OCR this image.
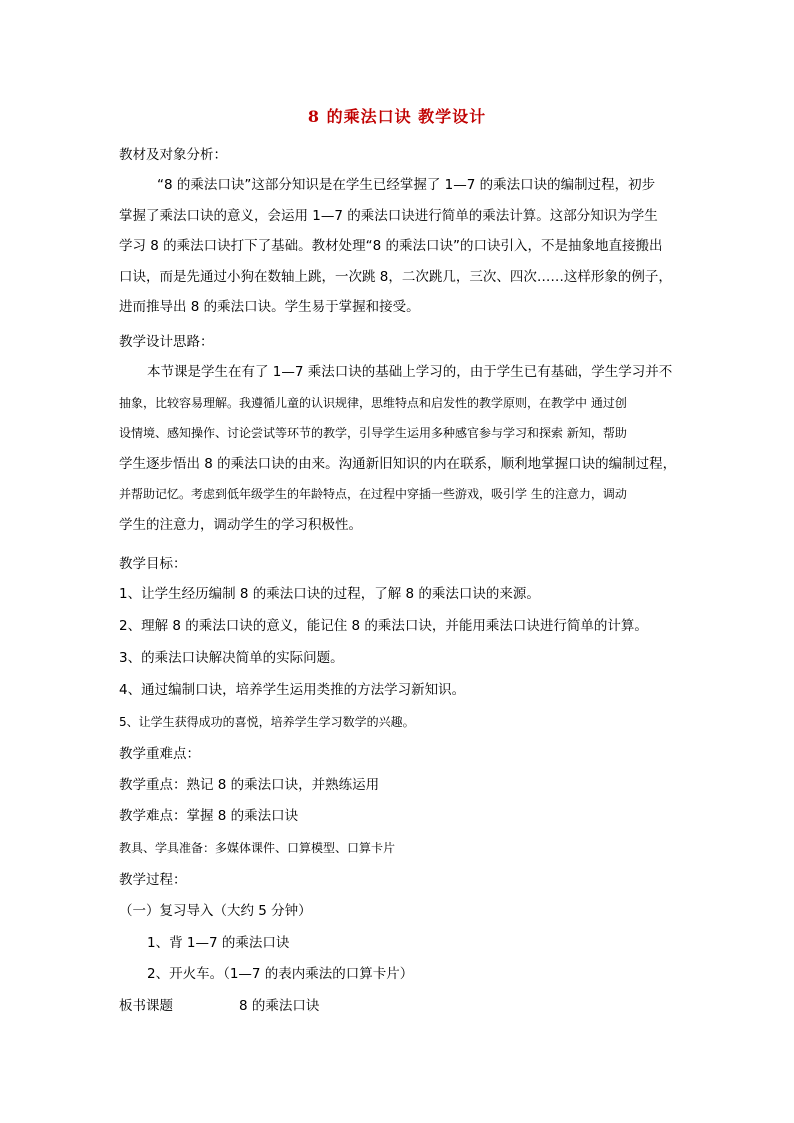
8 的乘法口诀 教学设计
教材及对象分析：
“8 的乘法口诀”这部分知识是在学生已经掌握了 1—7 的乘法口诀的编制过程，初步
掌握了乘法口诀的意义，会运用 1—7 的乘法口诀进行简单的乘法计算。这部分知识为学生
学习 8 的乘法口诀打下了基础。教材处理“8 的乘法口诀”的口诀引入，不是抽象地直接搬出
口诀，而是先通过小狗在数轴上跳，一次跳 8，二次跳几，三次、四次……这样形象的例子，
进而推导出 8 的乘法口诀。学生易于掌握和接受。
教学设计思路：
本节课是学生在有了 1—7 乘法口诀的基础上学习的，由于学生已有基础，学生学习并不
抽象，比较容易理解。我遵循儿童的认识规律，思维特点和启发性的教学原则，在教学中 通过创
设情境、感知操作、讨论尝试等环节的教学，引导学生运用多种感官参与学习和探索 新知，帮助
学生逐步悟出 8 的乘法口诀的由来。沟通新旧知识的内在联系，顺利地掌握口诀的编制过程，
并帮助记忆。考虑到低年级学生的年龄特点，在过程中穿插一些游戏，吸引学 生的注意力，调动
学生的注意力，调动学生的学习积极性。
教学目标：
1、让学生经历编制 8 的乘法口诀的过程，了解 8 的乘法口诀的来源。
2、理解 8 的乘法口诀的意义，能记住 8 的乘法口诀，并能用乘法口诀进行简单的计算。
3、的乘法口诀解决简单的实际问题。
4、通过编制口诀，培养学生运用类推的方法学习新知识。
5、让学生获得成功的喜悦，培养学生学习数学的兴趣。
教学重难点：
教学重点：熟记 8 的乘法口诀，并熟练运用
教学难点：掌握 8 的乘法口诀
教具、学具准备：多媒体课件、口算模型、口算卡片
教学过程：
（一）复习导入（大约 5 分钟）
1、背 1—7 的乘法口诀
2、开火车。（1—7 的表内乘法的口算卡片）
板书课题	8 的乘法口诀
